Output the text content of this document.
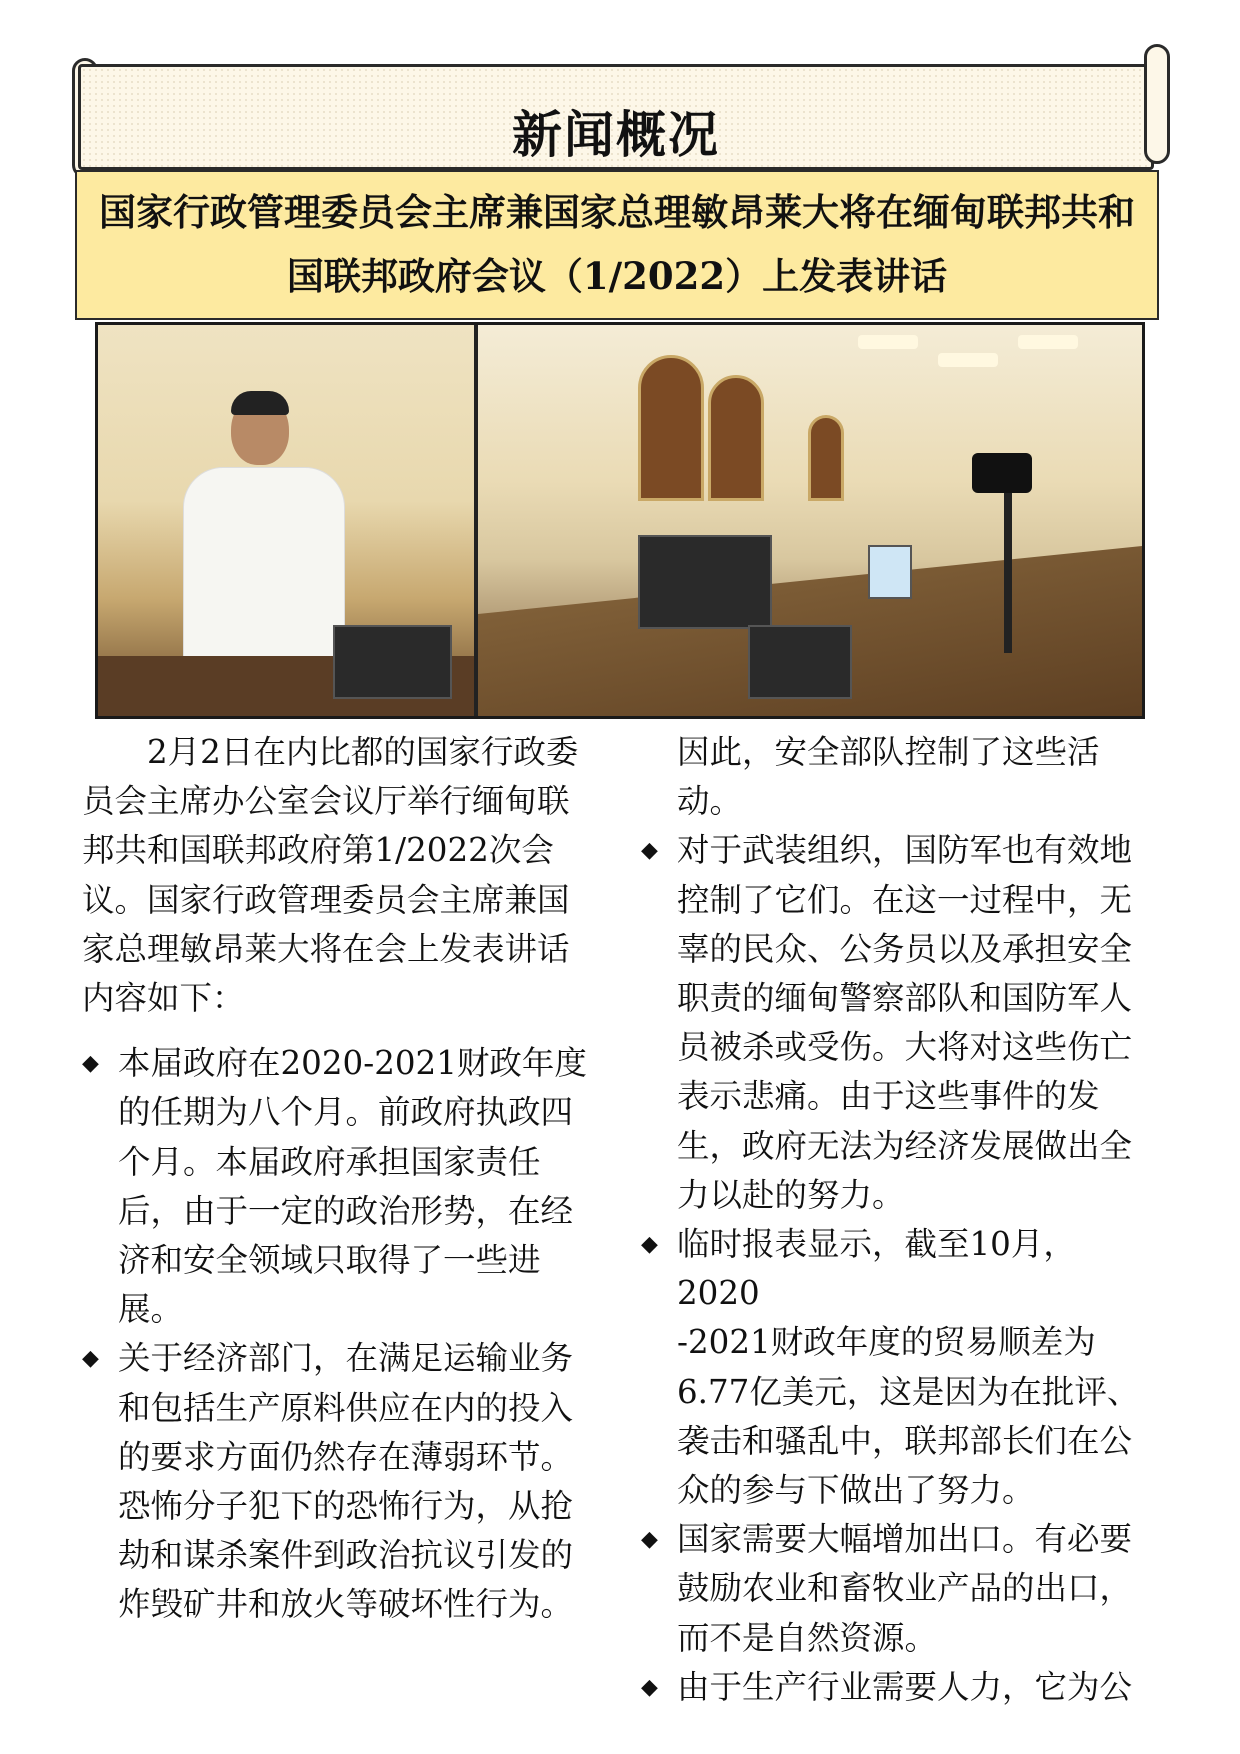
新闻概况
国家行政管理委员会主席兼国家总理敏昂莱大将在缅甸联邦共和
国联邦政府会议（1/2022）上发表讲话
2月2日在内比都的国家行政委
员会主席办公室会议厅举行缅甸联
邦共和国联邦政府第1/2022次会
议。国家行政管理委员会主席兼国
家总理敏昂莱大将在会上发表讲话
内容如下：
◆ 本届政府在2020-2021财政年度
的任期为八个月。前政府执政四
个月。本届政府承担国家责任
后，由于一定的政治形势，在经
济和安全领域只取得了一些进
展。
◆ 关于经济部门，在满足运输业务
和包括生产原料供应在内的投入
的要求方面仍然存在薄弱环节。
恐怖分子犯下的恐怖行为，从抢
劫和谋杀案件到政治抗议引发的
炸毁矿井和放火等破坏性行为。
因此，安全部队控制了这些活
动。
◆ 对于武装组织，国防军也有效地
控制了它们。在这一过程中，无
辜的民众、公务员以及承担安全
职责的缅甸警察部队和国防军人
员被杀或受伤。大将对这些伤亡
表示悲痛。由于这些事件的发
生，政府无法为经济发展做出全
力以赴的努力。
◆ 临时报表显示，截至10月，2020
-2021财政年度的贸易顺差为
6.77亿美元，这是因为在批评、
袭击和骚乱中，联邦部长们在公
众的参与下做出了努力。
◆ 国家需要大幅增加出口。有必要
鼓励农业和畜牧业产品的出口，
而不是自然资源。
◆ 由于生产行业需要人力，它为公
